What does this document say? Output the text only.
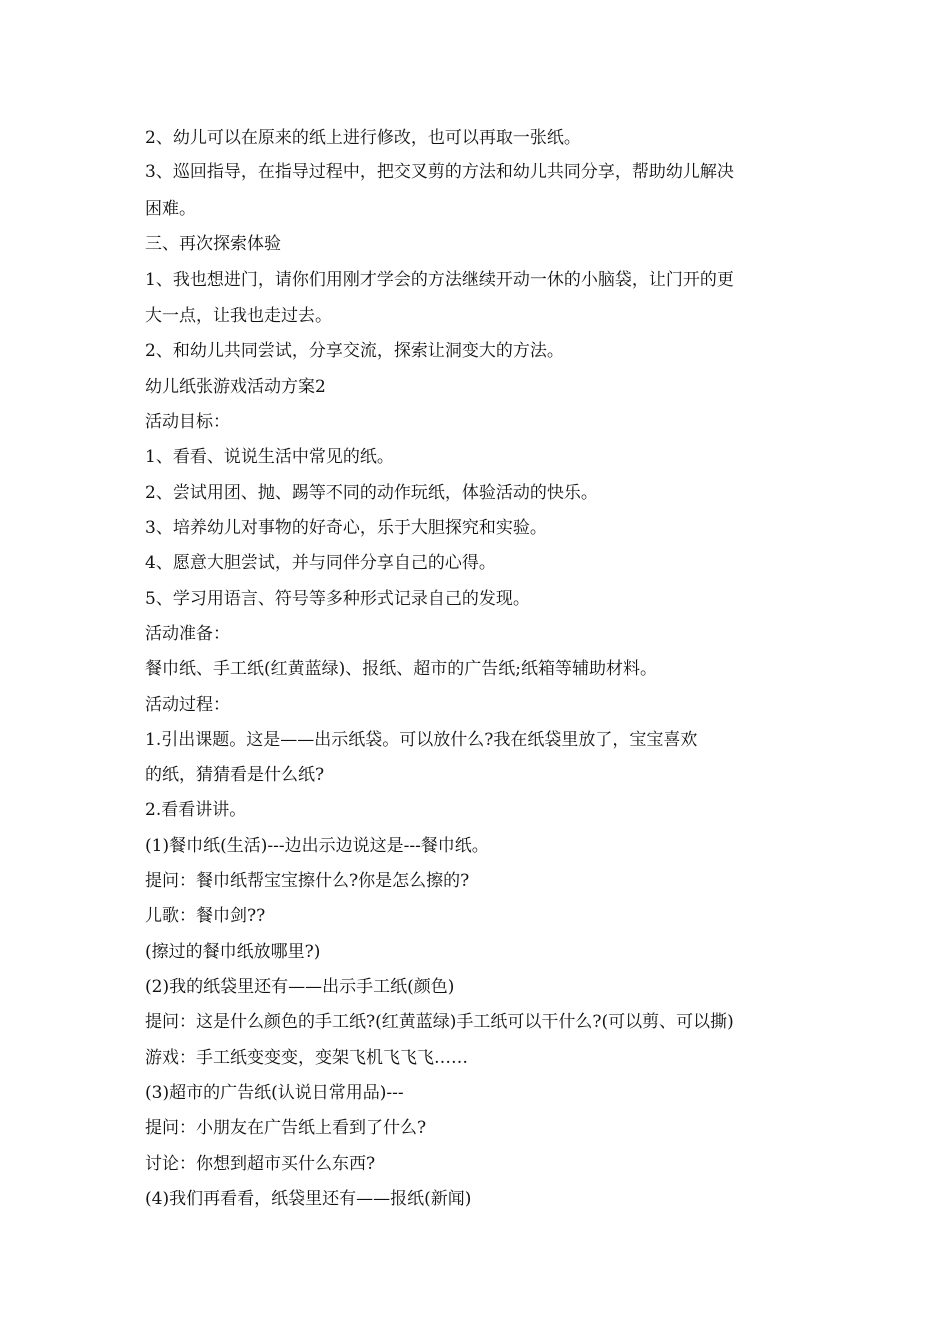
2、幼儿可以在原来的纸上进行修改，也可以再取一张纸。
3、巡回指导，在指导过程中，把交叉剪的方法和幼儿共同分享，帮助幼儿解决
困难。
三、再次探索体验
1、我也想进门，请你们用刚才学会的方法继续开动一休的小脑袋，让门开的更
大一点，让我也走过去。
2、和幼儿共同尝试，分享交流，探索让洞变大的方法。
幼儿纸张游戏活动方案2
活动目标：
1、看看、说说生活中常见的纸。
2、尝试用团、抛、踢等不同的动作玩纸，体验活动的快乐。
3、培养幼儿对事物的好奇心，乐于大胆探究和实验。
4、愿意大胆尝试，并与同伴分享自己的心得。
5、学习用语言、符号等多种形式记录自己的发现。
活动准备：
餐巾纸、手工纸(红黄蓝绿)、报纸、超市的广告纸;纸箱等辅助材料。
活动过程：
1.引出课题。这是——出示纸袋。可以放什么?我在纸袋里放了，宝宝喜欢
的纸，猜猜看是什么纸?
2.看看讲讲。
(1)餐巾纸(生活)---边出示边说这是---餐巾纸。
提问：餐巾纸帮宝宝擦什么?你是怎么擦的?
儿歌：餐巾剑??
(擦过的餐巾纸放哪里?)
(2)我的纸袋里还有——出示手工纸(颜色)
提问：这是什么颜色的手工纸?(红黄蓝绿)手工纸可以干什么?(可以剪、可以撕)
游戏：手工纸变变变，变架飞机飞飞飞……
(3)超市的广告纸(认说日常用品)---
提问：小朋友在广告纸上看到了什么?
讨论：你想到超市买什么东西?
(4)我们再看看，纸袋里还有——报纸(新闻)
